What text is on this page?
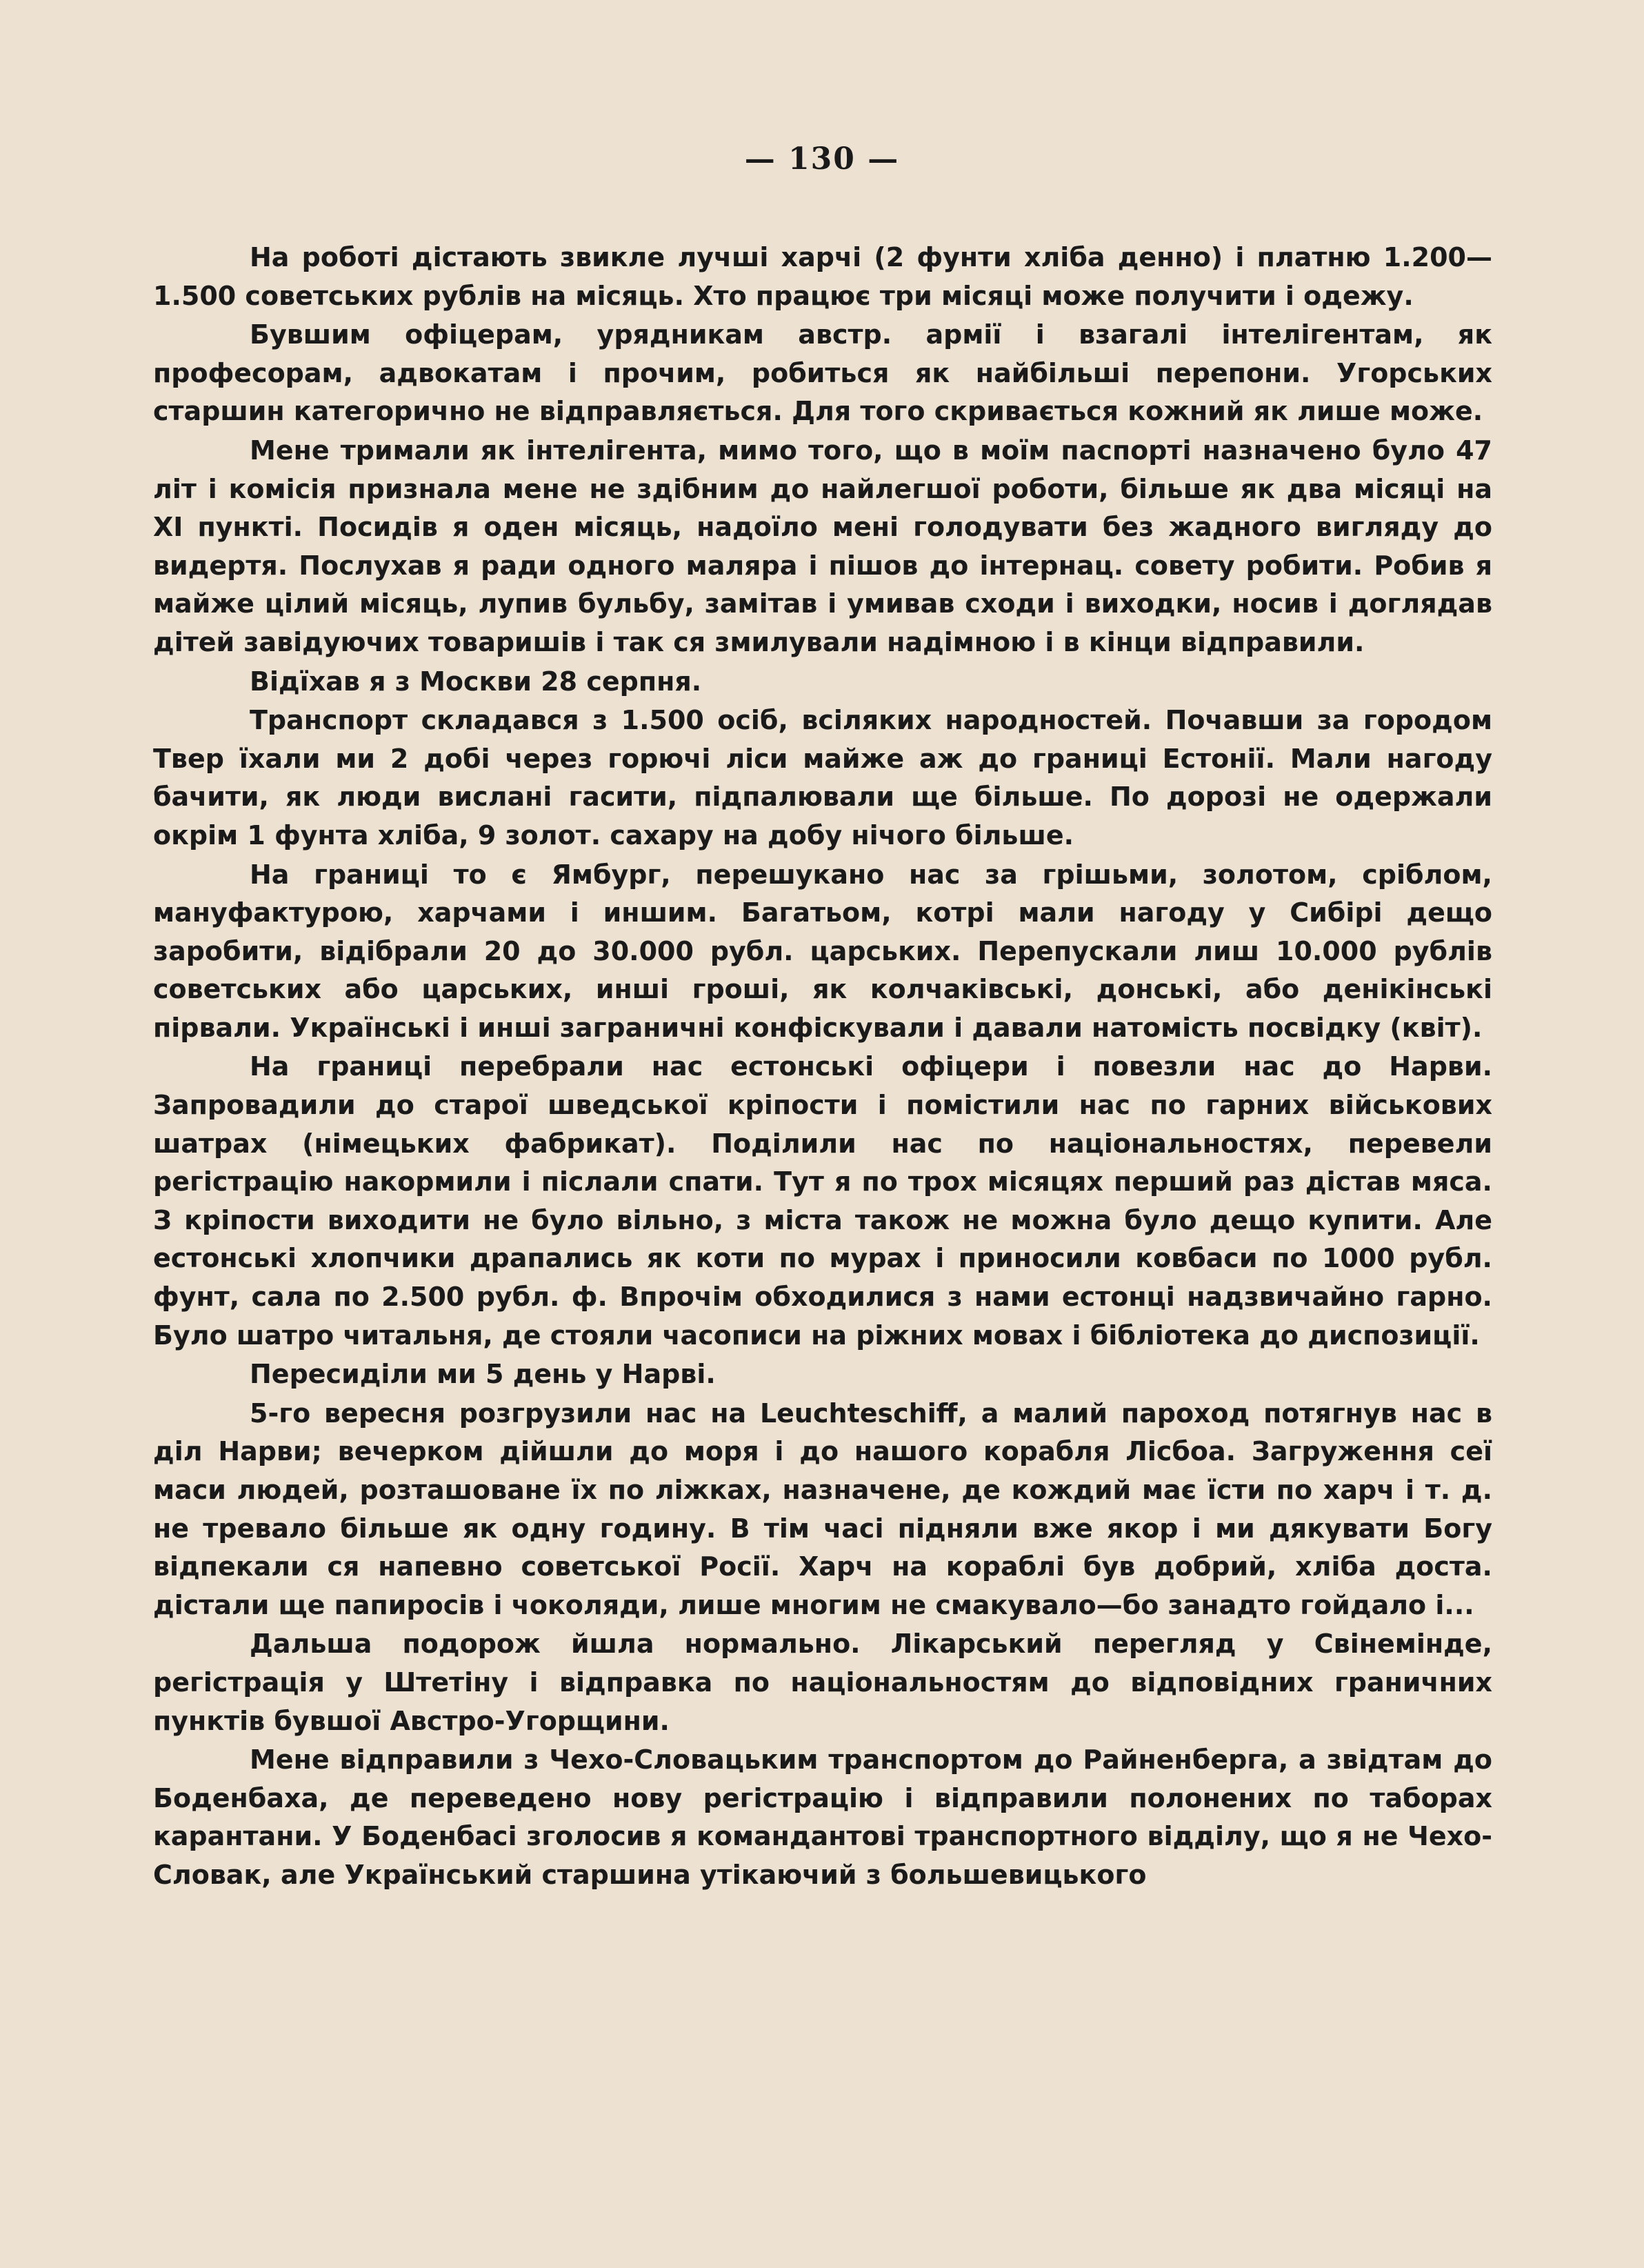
— 130 —

На роботі дістають звикле лучші харчі (2 фунти хліба денно) і платню 1.200—1.500 советських рублів на місяць. Хто працює три місяці може получити і одежу.

Бувшим офіцерам, урядникам австр. армії і взагалі інтелігентам, як професорам, адвокатам і прочим, робиться як найбільші перепони. Угорських старшин категорично не відправляється. Для того скривається кожний як лише може.

Мене тримали як інтелігента, мимо того, що в моїм паспорті назначено було 47 літ і комісія признала мене не здібним до найлегшої роботи, більше як два місяці на XI пункті. Посидів я оден місяць, надоїло мені голодувати без жадного вигляду до видертя. Послухав я ради одного маляра і пішов до інтернац. совету робити. Робив я майже цілий місяць, лупив бульбу, замітав і умивав сходи і виходки, носив і доглядав дітей завідуючих товаришів і так ся змилували надімною і в кінци відправили.

Відїхав я з Москви 28 серпня.

Транспорт складався з 1.500 осіб, всіляких народностей. Почавши за городом Твер їхали ми 2 добі через горючі ліси майже аж до границі Естонії. Мали нагоду бачити, як люди вислані гасити, підпалювали ще більше. По дорозі не одержали окрім 1 фунта хліба, 9 золот. сахару на добу нічого більше.

На границі то є Ямбург, перешукано нас за грішьми, золотом, сріблом, мануфактурою, харчами і иншим. Багатьом, котрі мали нагоду у Сибірі дещо заробити, відібрали 20 до 30.000 рубл. царських. Перепускали лиш 10.000 рублів советських або царських, инші гроші, як колчаківські, донські, або денікінські пірвали. Українські і инші заграничні конфіскували і давали натомість посвідку (квіт).

На границі перебрали нас естонські офіцери і повезли нас до Нарви. Запровадили до старої шведської кріпости і помістили нас по гарних військових шатрах (німецьких фабрикат). Поділили нас по національностях, перевели регістрацію накормили і післали спати. Тут я по трох місяцях перший раз дістав мяса. З кріпости виходити не було вільно, з міста також не можна було дещо купити. Але естонські хлопчики драпались як коти по мурах і приносили ковбаси по 1000 рубл. фунт, сала по 2.500 рубл. ф. Впрочім обходилися з нами естонці надзвичайно гарно. Було шатро читальня, де стояли часописи на ріжних мовах і бібліотека до диспозиції.

Пересиділи ми 5 день у Нарві.

5-го вересня розгрузили нас на Leuchteschiff, а малий пароход потягнув нас в діл Нарви; вечерком дійшли до моря і до нашого корабля Лісбоа. Загруження сеї маси людей, розташоване їх по ліжках, назначене, де кождий має їсти по харч і т. д. не тревало більше як одну годину. В тім часі підняли вже якор і ми дякувати Богу відпекали ся напевно советської Росії. Харч на кораблі був добрий, хліба доста. дістали ще папиросів і чоколяди, лише многим не смакувало—бо занадто гойдало і...

Дальша подорож йшла нормально. Лікарський перегляд у Свінемінде, регістрація у Штетіну і відправка по національностям до відповідних граничних пунктів бувшої Австро-Угорщини.

Мене відправили з Чехо-Словацьким транспортом до Райненберга, а звідтам до Боденбаха, де переведено нову регістрацію і відправили полонених по таборах карантани. У Боденбасі зголосив я командантові транспортного відділу, що я не Чехо-Словак, але Український старшина утікаючий з большевицького
